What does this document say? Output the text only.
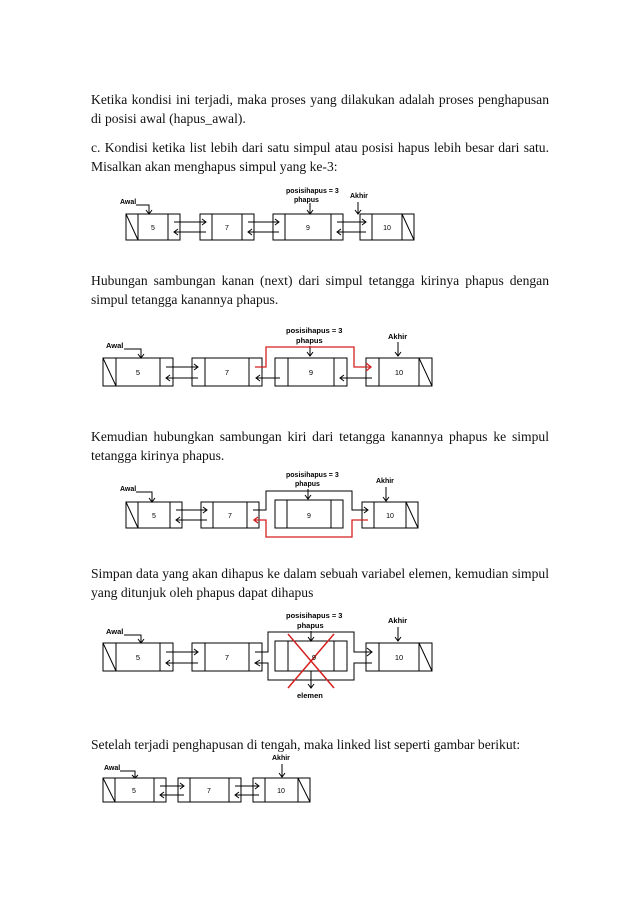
Ketika kondisi ini terjadi, maka proses yang dilakukan adalah proses penghapusan di posisi awal (hapus_awal).

c. Kondisi ketika list lebih dari satu simpul atau posisi hapus lebih besar dari satu. Misalkan akan menghapus simpul yang ke-3:

Awal
posisihapus = 3
phapus
Akhir
5	7	9	10

Hubungan sambungan kanan (next) dari simpul tetangga kirinya phapus dengan simpul tetangga kanannya phapus.

Awal
posisihapus = 3
phapus	Akhir
5	7	9	10

Kemudian hubungkan sambungan kiri dari tetangga kanannya phapus ke simpul tetangga kirinya phapus.

Awal
posisihapus = 3
phapus	Akhir
5	7	9	10

Simpan data yang akan dihapus ke dalam sebuah variabel elemen, kemudian simpul yang ditunjuk oleh phapus dapat dihapus

Awal
posisihapus = 3
phapus
Akhir
elemen
5	7	9	10

Setelah terjadi penghapusan di tengah, maka linked list seperti gambar berikut:

Awal
Akhir
5	7	10
